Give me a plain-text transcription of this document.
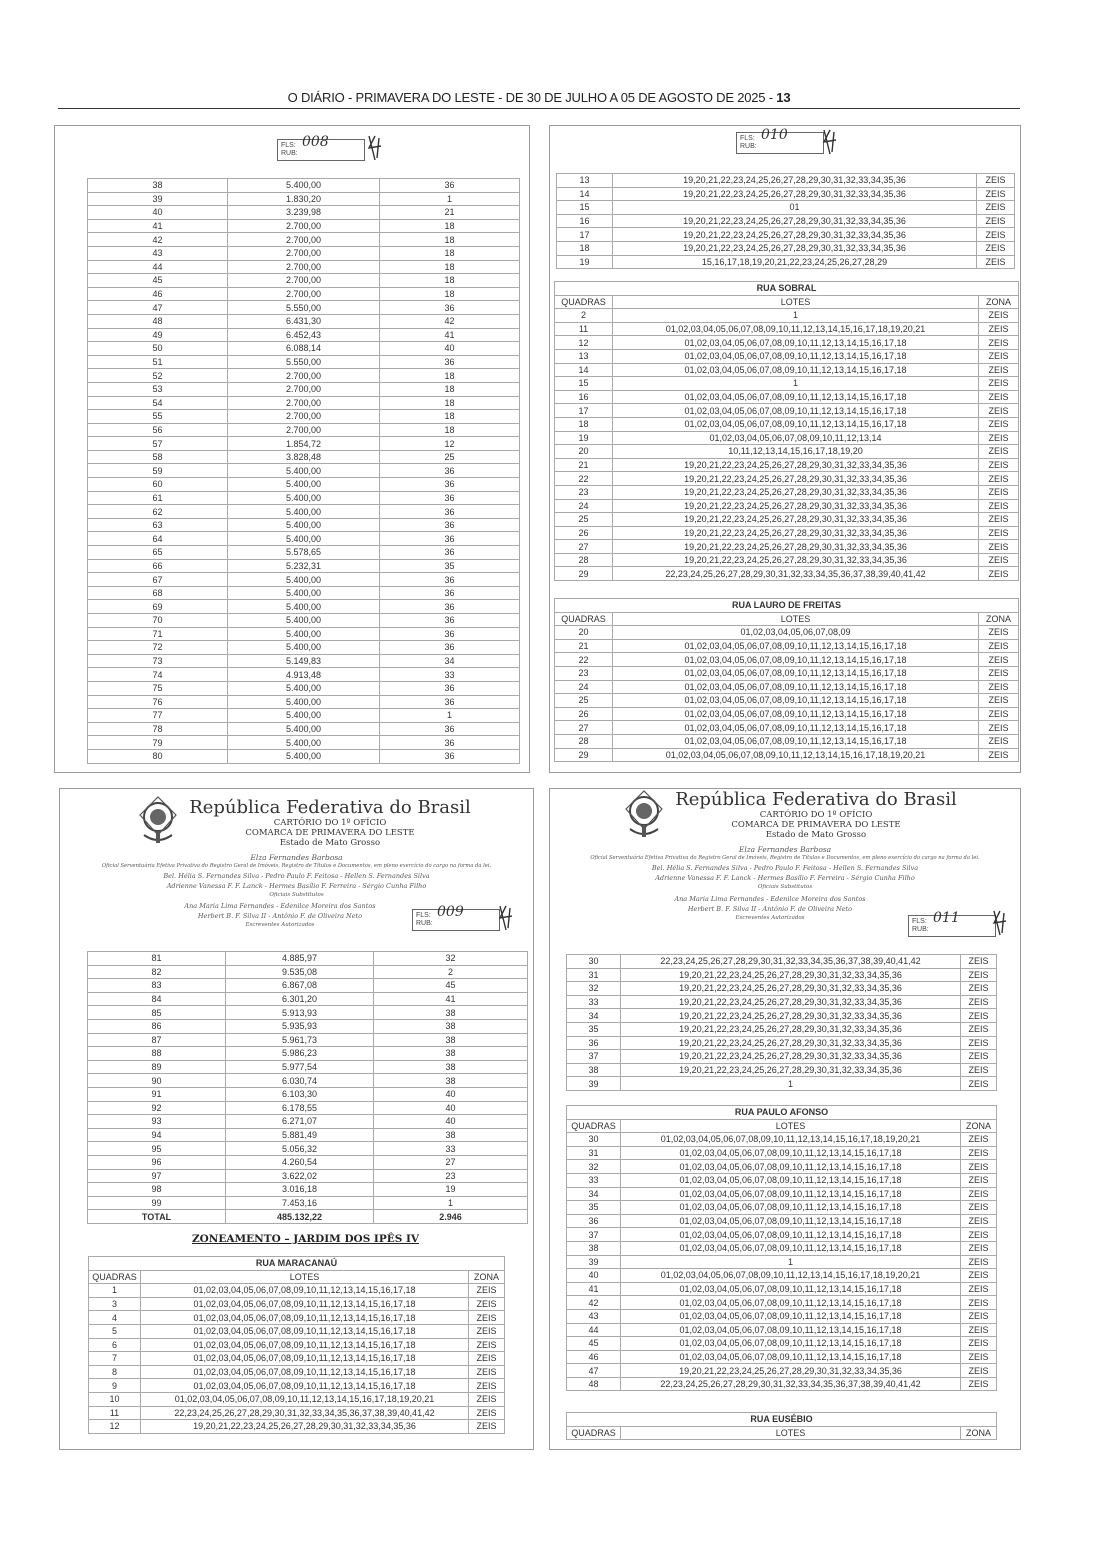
O DIÁRIO - PRIMAVERA DO LESTE - DE 30 DE JULHO A 05 DE AGOSTO DE 2025 - 13
FLS:
RUB:
008
38	5.400,00	36
39	1.830,20	1
40	3.239,98	21
41	2.700,00	18
42	2.700,00	18
43	2.700,00	18
44	2.700,00	18
45	2.700,00	18
46	2.700,00	18
47	5.550,00	36
48	6.431,30	42
49	6.452,43	41
50	6.088,14	40
51	5.550,00	36
52	2.700,00	18
53	2.700,00	18
54	2.700,00	18
55	2.700,00	18
56	2.700,00	18
57	1.854,72	12
58	3.828,48	25
59	5.400,00	36
60	5.400,00	36
61	5.400,00	36
62	5.400,00	36
63	5.400,00	36
64	5.400,00	36
65	5.578,65	36
66	5.232,31	35
67	5.400,00	36
68	5.400,00	36
69	5.400,00	36
70	5.400,00	36
71	5.400,00	36
72	5.400,00	36
73	5.149,83	34
74	4.913,48	33
75	5.400,00	36
76	5.400,00	36
77	5.400,00	1
78	5.400,00	36
79	5.400,00	36
80	5.400,00	36
FLS:
RUB:
010
13	19,20,21,22,23,24,25,26,27,28,29,30,31,32,33,34,35,36	ZEIS
14	19,20,21,22,23,24,25,26,27,28,29,30,31,32,33,34,35,36	ZEIS
15	01	ZEIS
16	19,20,21,22,23,24,25,26,27,28,29,30,31,32,33,34,35,36	ZEIS
17	19,20,21,22,23,24,25,26,27,28,29,30,31,32,33,34,35,36	ZEIS
18	19,20,21,22,23,24,25,26,27,28,29,30,31,32,33,34,35,36	ZEIS
19	15,16,17,18,19,20,21,22,23,24,25,26,27,28,29	ZEIS
RUA SOBRAL		
QUADRAS	LOTES	ZONA
2	1	ZEIS
11	01,02,03,04,05,06,07,08,09,10,11,12,13,14,15,16,17,18,19,20,21	ZEIS
12	01,02,03,04,05,06,07,08,09,10,11,12,13,14,15,16,17,18	ZEIS
13	01,02,03,04,05,06,07,08,09,10,11,12,13,14,15,16,17,18	ZEIS
14	01,02,03,04,05,06,07,08,09,10,11,12,13,14,15,16,17,18	ZEIS
15	1	ZEIS
16	01,02,03,04,05,06,07,08,09,10,11,12,13,14,15,16,17,18	ZEIS
17	01,02,03,04,05,06,07,08,09,10,11,12,13,14,15,16,17,18	ZEIS
18	01,02,03,04,05,06,07,08,09,10,11,12,13,14,15,16,17,18	ZEIS
19	01,02,03,04,05,06,07,08,09,10,11,12,13,14	ZEIS
20	10,11,12,13,14,15,16,17,18,19,20	ZEIS
21	19,20,21,22,23,24,25,26,27,28,29,30,31,32,33,34,35,36	ZEIS
22	19,20,21,22,23,24,25,26,27,28,29,30,31,32,33,34,35,36	ZEIS
23	19,20,21,22,23,24,25,26,27,28,29,30,31,32,33,34,35,36	ZEIS
24	19,20,21,22,23,24,25,26,27,28,29,30,31,32,33,34,35,36	ZEIS
25	19,20,21,22,23,24,25,26,27,28,29,30,31,32,33,34,35,36	ZEIS
26	19,20,21,22,23,24,25,26,27,28,29,30,31,32,33,34,35,36	ZEIS
27	19,20,21,22,23,24,25,26,27,28,29,30,31,32,33,34,35,36	ZEIS
28	19,20,21,22,23,24,25,26,27,28,29,30,31,32,33,34,35,36	ZEIS
29	22,23,24,25,26,27,28,29,30,31,32,33,34,35,36,37,38,39,40,41,42	ZEIS
RUA LAURO DE FREITAS		
QUADRAS	LOTES	ZONA
20	01,02,03,04,05,06,07,08,09	ZEIS
21	01,02,03,04,05,06,07,08,09,10,11,12,13,14,15,16,17,18	ZEIS
22	01,02,03,04,05,06,07,08,09,10,11,12,13,14,15,16,17,18	ZEIS
23	01,02,03,04,05,06,07,08,09,10,11,12,13,14,15,16,17,18	ZEIS
24	01,02,03,04,05,06,07,08,09,10,11,12,13,14,15,16,17,18	ZEIS
25	01,02,03,04,05,06,07,08,09,10,11,12,13,14,15,16,17,18	ZEIS
26	01,02,03,04,05,06,07,08,09,10,11,12,13,14,15,16,17,18	ZEIS
27	01,02,03,04,05,06,07,08,09,10,11,12,13,14,15,16,17,18	ZEIS
28	01,02,03,04,05,06,07,08,09,10,11,12,13,14,15,16,17,18	ZEIS
29	01,02,03,04,05,06,07,08,09,10,11,12,13,14,15,16,17,18,19,20,21	ZEIS
República Federativa do Brasil
CARTÓRIO DO 1º OFÍCIO
COMARCA DE PRIMAVERA DO LESTE
Estado de Mato Grosso
Elza Fernandes Barbosa
Oficial Serventuária Efetiva Privativa do Registro Geral de Imóveis, Registro de Títulos e Documentos, em pleno exercício do cargo na forma da lei.
Bel. Hélia S. Fernandes Silva - Pedro Paulo F. Feitosa - Hellen S. Fernandes Silva
Adrienne Vanessa F. F. Lanck - Hermes Basílio F. Ferreira - Sérgio Cunha Filho
Oficiais Substitutos
Ana Maria Lima Fernandes - Edenilce Moreira dos Santos
Herbert B. F. Silva II - Antônio F. de Oliveira Neto
Escreventes Autorizados
FLS:
RUB:
009
81	4.885,97	32
82	9.535,08	2
83	6.867,08	45
84	6.301,20	41
85	5.913,93	38
86	5.935,93	38
87	5.961,73	38
88	5.986,23	38
89	5.977,54	38
90	6.030,74	38
91	6.103,30	40
92	6.178,55	40
93	6.271,07	40
94	5.881,49	38
95	5.056,32	33
96	4.260,54	27
97	3.622,02	23
98	3.016,18	19
99	7.453,16	1
TOTAL	485.132,22	2.946
ZONEAMENTO – JARDIM DOS IPÊS IV
RUA MARACANAÚ		
QUADRAS	LOTES	ZONA
1	01,02,03,04,05,06,07,08,09,10,11,12,13,14,15,16,17,18	ZEIS
3	01,02,03,04,05,06,07,08,09,10,11,12,13,14,15,16,17,18	ZEIS
4	01,02,03,04,05,06,07,08,09,10,11,12,13,14,15,16,17,18	ZEIS
5	01,02,03,04,05,06,07,08,09,10,11,12,13,14,15,16,17,18	ZEIS
6	01,02,03,04,05,06,07,08,09,10,11,12,13,14,15,16,17,18	ZEIS
7	01,02,03,04,05,06,07,08,09,10,11,12,13,14,15,16,17,18	ZEIS
8	01,02,03,04,05,06,07,08,09,10,11,12,13,14,15,16,17,18	ZEIS
9	01,02,03,04,05,06,07,08,09,10,11,12,13,14,15,16,17,18	ZEIS
10	01,02,03,04,05,06,07,08,09,10,11,12,13,14,15,16,17,18,19,20,21	ZEIS
11	22,23,24,25,26,27,28,29,30,31,32,33,34,35,36,37,38,39,40,41,42	ZEIS
12	19,20,21,22,23,24,25,26,27,28,29,30,31,32,33,34,35,36	ZEIS
República Federativa do Brasil
CARTÓRIO DO 1º OFÍCIO
COMARCA DE PRIMAVERA DO LESTE
Estado de Mato Grosso
Elza Fernandes Barbosa
Oficial Serventuária Efetiva Privativa do Registro Geral de Imóveis, Registro de Títulos e Documentos, em pleno exercício do cargo na forma da lei.
Bel. Hélia S. Fernandes Silva - Pedro Paulo F. Feitosa - Hellen S. Fernandes Silva
Adrienne Vanessa F. F. Lanck - Hermes Basílio F. Ferreira - Sérgio Cunha Filho
Oficiais Substitutos
Ana Maria Lima Fernandes - Edenilce Moreira dos Santos
Herbert B. F. Silva II - Antônio F. de Oliveira Neto
Escreventes Autorizados	FLS:
RUB:
011
30	22,23,24,25,26,27,28,29,30,31,32,33,34,35,36,37,38,39,40,41,42	ZEIS
31	19,20,21,22,23,24,25,26,27,28,29,30,31,32,33,34,35,36	ZEIS
32	19,20,21,22,23,24,25,26,27,28,29,30,31,32,33,34,35,36	ZEIS
33	19,20,21,22,23,24,25,26,27,28,29,30,31,32,33,34,35,36	ZEIS
34	19,20,21,22,23,24,25,26,27,28,29,30,31,32,33,34,35,36	ZEIS
35	19,20,21,22,23,24,25,26,27,28,29,30,31,32,33,34,35,36	ZEIS
36	19,20,21,22,23,24,25,26,27,28,29,30,31,32,33,34,35,36	ZEIS
37	19,20,21,22,23,24,25,26,27,28,29,30,31,32,33,34,35,36	ZEIS
38	19,20,21,22,23,24,25,26,27,28,29,30,31,32,33,34,35,36	ZEIS
39	1	ZEIS
RUA PAULO AFONSO		
QUADRAS	LOTES	ZONA
30	01,02,03,04,05,06,07,08,09,10,11,12,13,14,15,16,17,18,19,20,21	ZEIS
31	01,02,03,04,05,06,07,08,09,10,11,12,13,14,15,16,17,18	ZEIS
32	01,02,03,04,05,06,07,08,09,10,11,12,13,14,15,16,17,18	ZEIS
33	01,02,03,04,05,06,07,08,09,10,11,12,13,14,15,16,17,18	ZEIS
34	01,02,03,04,05,06,07,08,09,10,11,12,13,14,15,16,17,18	ZEIS
35	01,02,03,04,05,06,07,08,09,10,11,12,13,14,15,16,17,18	ZEIS
36	01,02,03,04,05,06,07,08,09,10,11,12,13,14,15,16,17,18	ZEIS
37	01,02,03,04,05,06,07,08,09,10,11,12,13,14,15,16,17,18	ZEIS
38	01,02,03,04,05,06,07,08,09,10,11,12,13,14,15,16,17,18	ZEIS
39	1	ZEIS
40	01,02,03,04,05,06,07,08,09,10,11,12,13,14,15,16,17,18,19,20,21	ZEIS
41	01,02,03,04,05,06,07,08,09,10,11,12,13,14,15,16,17,18	ZEIS
42	01,02,03,04,05,06,07,08,09,10,11,12,13,14,15,16,17,18	ZEIS
43	01,02,03,04,05,06,07,08,09,10,11,12,13,14,15,16,17,18	ZEIS
44	01,02,03,04,05,06,07,08,09,10,11,12,13,14,15,16,17,18	ZEIS
45	01,02,03,04,05,06,07,08,09,10,11,12,13,14,15,16,17,18	ZEIS
46	01,02,03,04,05,06,07,08,09,10,11,12,13,14,15,16,17,18	ZEIS
47	19,20,21,22,23,24,25,26,27,28,29,30,31,32,33,34,35,36	ZEIS
48	22,23,24,25,26,27,28,29,30,31,32,33,34,35,36,37,38,39,40,41,42	ZEIS
RUA EUSÉBIO
QUADRAS	LOTES	ZONA
